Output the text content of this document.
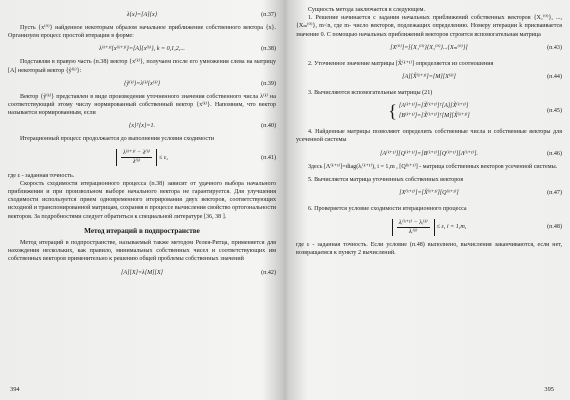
λ{x}=[A]{x}	(п.37)

Пусть {x⁽⁰⁾} найденное некоторым образом начальное приближение собственного вектора {x}. Организуем процесс простой итерации в форме:

λ⁽ᵏ⁺¹⁾{x⁽ᵏ⁺¹⁾}=[A]{x⁽ᵏ⁾}, k = 0,1,2,...	(п.38)

Подставляя в правую часть (п.38) вектор {x⁽ᵏ⁾}, получаем после его умножения слева на матрицу [A] некоторый вектор {ỹ⁽ᵏ⁾}:

{ỹ⁽ᵏ⁾}=λ⁽ᵏ⁾{x⁽ᵏ⁾}	(п.39)

Вектор {ỹ⁽ᵏ⁾} представлен в виде произведения уточненного значения собственного числа λ⁽ᵏ⁾ на соответствующий этому числу нормированный собственный вектор {x⁽ᵏ⁾}. Напомним, что вектор называется нормированным, если

{x}ᵀ{x}=1.	(п.40)

Итерационный процесс продолжается до выполнения условия сходимости

$\frac{\text{λ⁽ᵏ⁺¹⁾ − λ⁽ᵏ⁾}}{\text{λ⁽ᵏ⁾}} \le \varepsilon$,	(п.41)

где ε - заданная точность.

Скорость сходимости итерационного процесса (п.38) зависит от удачного выбора начального приближения и при произвольном выборе начального вектора не гарантируется. Для улучшения сходимости используется прием одновременного итерирования двух векторов, соответствующих исходной и транспонированной матрицам, сохраняя в процессе вычисления свойство ортогональности векторов. За подробностями следует обратиться к специальной литературе [36, 38 ].

Метод итераций в подпространстве

Метод итераций в подпространстве, называемый также методом Релея-Ритца, применяется для нахождения нескольких, как правило, минимальных собственных чисел и соответствующих им собственных векторов применительно к решению общей проблемы собственных значений

[A][X]=λ[M][X]	(п.42)
394

Сущность метода заключается в следующем.

1. Решение начинается с задания начальных приближений собственных векторов {X₁⁽⁰⁾}, ..., {Xₘ⁽⁰⁾}, m<n, где m- число векторов, подлежащих определению. Номеру итерации k присваивается значение 0. С помощью начальных приближений векторов строится вспомогательная матрица

[X⁽⁰⁾]=[{X₁⁽⁰⁾}{X₂⁽⁰⁾}...{Xₘ⁽⁰⁾}]	(п.43)

2. Уточненное значение матрицы [X̃⁽ᵏ⁺¹⁾] определяется из соотношения

[A][X̃⁽ᵏ⁺¹⁾]=[M][X⁽ᵏ⁾]	(п.44)

3. Вычисляются вспомогательные матрицы (21)

{ [A⁽ᵏ⁺¹⁾]=[X̃⁽ᵏ⁺¹⁾]ᵀ[A][X̃⁽ᵏ⁺¹⁾]
[B⁽ᵏ⁺¹⁾]=[X̃⁽ᵏ⁺¹⁾]ᵀ[M][X̃⁽ᵏ⁺¹⁾]
(п.45)

4. Найденные матрицы позволяют определить собственные числа и собственные векторы для усеченной системы

[A⁽ᵏ⁺¹⁾][Q⁽ᵏ⁺¹⁾]=[B⁽ᵏ⁺¹⁾][Q⁽ᵏ⁺¹⁾][Λ⁽ᵏ⁺¹⁾].	(п.46)

Здесь [Λ⁽ᵏ⁺¹⁾]=diag(λᵢ⁽ᵏ⁺¹⁾), i = 1,m , [Q⁽ᵏ⁺¹⁾] - матрица собственных векторов усеченной системы.

5. Вычисляется матрица уточненных собственных векторов

[X⁽ᵏ⁺¹⁾]=[X̃⁽ᵏ⁺¹⁾][Q⁽ᵏ⁺¹⁾]	(п.47)

6. Проверяется условие сходимости итерационного процесса

$\frac{\text{λᵢ⁽ᵏ⁺¹⁾ − λᵢ⁽ᵏ⁾}}{\text{λᵢ⁽ᵏ⁾}} \le \varepsilon$, i = 1,m,	(п.48)

где ε - заданная точность. Если условие (п.48) выполнено, вычисления заканчиваются, если нет, возвращаемся к пункту 2 вычислений.

395
